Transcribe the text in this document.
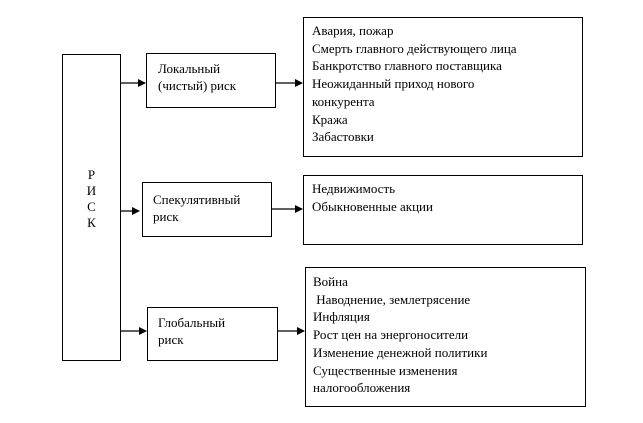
Р
И
С
К
Локальный
(чистый) риск
Спекулятивный
риск
Глобальный
риск
Авария, пожар
Смерть главного действующего лица
Банкротство главного поставщика
Неожиданный приход нового
конкурента
Кража
Забастовки
Недвижимость
Обыкновенные акции
Война
Наводнение, землетрясение
Инфляция
Рост цен на энергоносители
Изменение денежной политики
Существенные изменения
налогообложения
